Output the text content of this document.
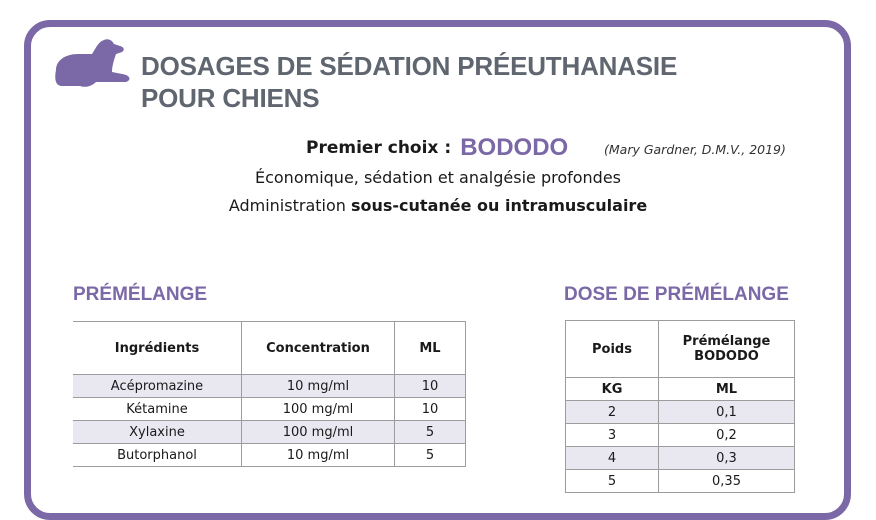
DOSAGES DE SÉDATION PRÉEUTHANASIE
POUR CHIENS
Premier choix : BODODO	(Mary Gardner, D.M.V., 2019)
Économique, sédation et analgésie profondes
Administration sous-cutanée ou intramusculaire
PRÉMÉLANGE	DOSE DE PRÉMÉLANGE
Ingrédients	Concentration	ML
Acépromazine	10 mg/ml	10
Kétamine	100 mg/ml	10
Xylaxine	100 mg/ml	5
Butorphanol	10 mg/ml	5
Poids	Prémélange BODODO
KG	ML
2	0,1
3	0,2
4	0,3
5	0,35
